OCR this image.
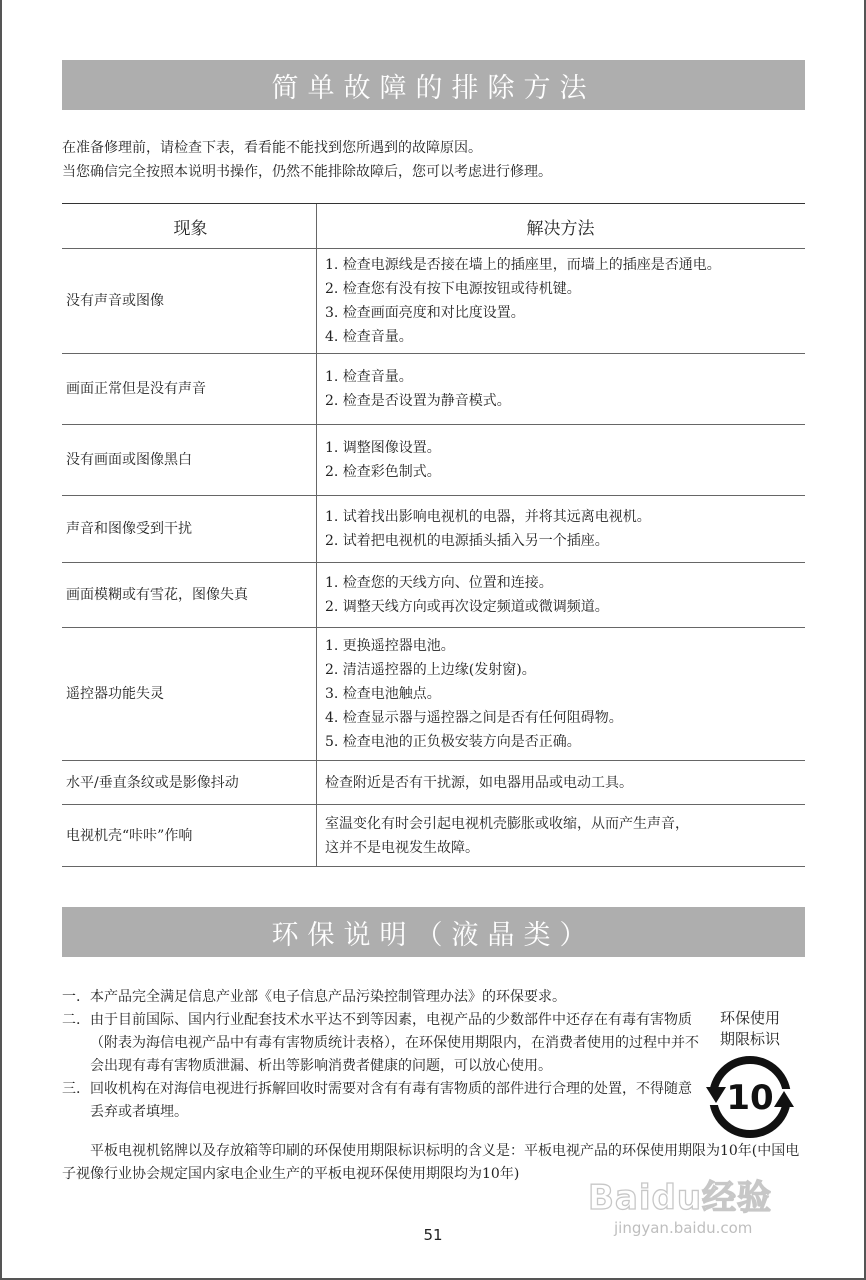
简单故障的排除方法
在准备修理前，请检查下表，看看能不能找到您所遇到的故障原因。
当您确信完全按照本说明书操作，仍然不能排除故障后，您可以考虑进行修理。
现象	解决方法
没有声音或图像	1. 检查电源线是否接在墙上的插座里，而墙上的插座是否通电。
2. 检查您有没有按下电源按钮或待机键。
3. 检查画面亮度和对比度设置。
4. 检查音量。

画面正常但是没有声音	1. 检查音量。
2. 检查是否设置为静音模式。

没有画面或图像黑白	1. 调整图像设置。
2. 检查彩色制式。

声音和图像受到干扰	1. 试着找出影响电视机的电器，并将其远离电视机。
2. 试着把电视机的电源插头插入另一个插座。

画面模糊或有雪花，图像失真	1. 检查您的天线方向、位置和连接。
2. 调整天线方向或再次设定频道或微调频道。

遥控器功能失灵	1. 更换遥控器电池。
2. 清洁遥控器的上边缘(发射窗)。
3. 检查电池触点。
4. 检查显示器与遥控器之间是否有任何阻碍物。
5. 检查电池的正负极安装方向是否正确。

水平/垂直条纹或是影像抖动	检查附近是否有干扰源，如电器用品或电动工具。

电视机壳“咔咔”作响	室温变化有时会引起电视机壳膨胀或收缩，从而产生声音，
这并不是电视发生故障。
环保说明（液晶类）
一. 本产品完全满足信息产业部《电子信息产品污染控制管理办法》的环保要求。
二. 由于目前国际、国内行业配套技术水平达不到等因素，电视产品的少数部件中还存在有毒有害物质（附表为海信电视产品中有毒有害物质统计表格），在环保使用期限内，在消费者使用的过程中并不会出现有毒有害物质泄漏、析出等影响消费者健康的问题，可以放心使用。
三. 回收机构在对海信电视进行拆解回收时需要对含有有毒有害物质的部件进行合理的处置，不得随意丢弃或者填埋。
平板电视机铭牌以及存放箱等印刷的环保使用期限标识标明的含义是：平板电视产品的环保使用期限为10年(中国电子视像行业协会规定国内家电企业生产的平板电视环保使用期限均为10年)
环保使用
期限标识
10
Baidu经验
jingyan.baidu.com
51
